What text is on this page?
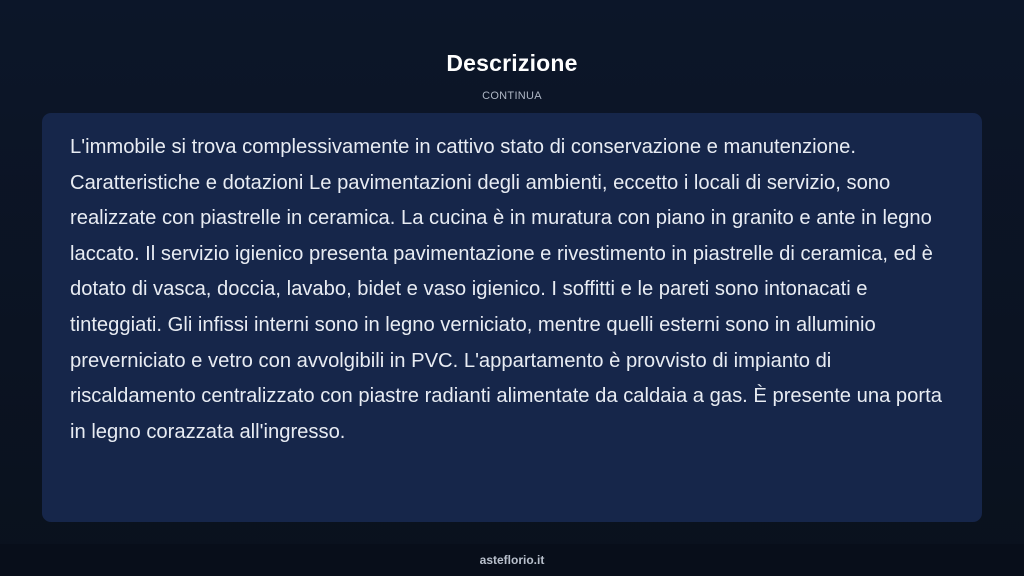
Descrizione
CONTINUA

L'immobile si trova complessivamente in cattivo stato di conservazione e manutenzione. Caratteristiche e dotazioni Le pavimentazioni degli ambienti, eccetto i locali di servizio, sono realizzate con piastrelle in ceramica. La cucina è in muratura con piano in granito e ante in legno laccato. Il servizio igienico presenta pavimentazione e rivestimento in piastrelle di ceramica, ed è dotato di vasca, doccia, lavabo, bidet e vaso igienico. I soffitti e le pareti sono intonacati e tinteggiati. Gli infissi interni sono in legno verniciato, mentre quelli esterni sono in alluminio preverniciato e vetro con avvolgibili in PVC. L'appartamento è provvisto di impianto di riscaldamento centralizzato con piastre radianti alimentate da caldaia a gas. È presente una porta in legno corazzata all'ingresso.

asteflorio.it
